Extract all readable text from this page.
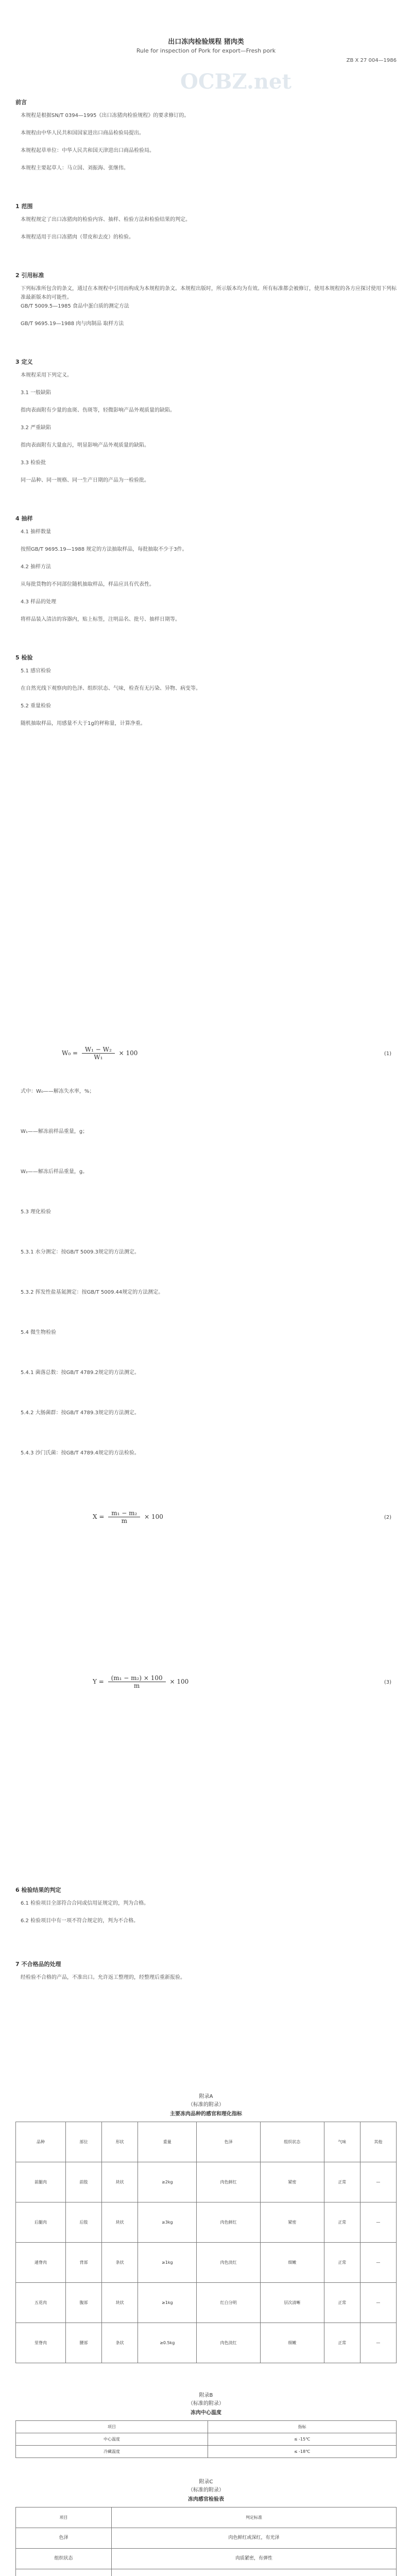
出口冻肉检验规程 猪肉类
Rule for inspection of Pork for export—Fresh pork
ZB X 27 004—1986
OCBZ.net
前言
本规程是根据SN/T 0394—1995《出口冻猪肉检验规程》的要求修订的。
本规程由中华人民共和国国家进出口商品检验局提出。
本规程起草单位：中华人民共和国天津进出口商品检验局。
本规程主要起草人：马立国、刘振海、张继伟。
1 范围
本规程规定了出口冻猪肉的检验内容、抽样、检验方法和检验结果的判定。
本规程适用于出口冻猪肉（带皮和去皮）的检验。
2 引用标准
下列标准所包含的条文，通过在本规程中引用而构成为本规程的条文。本规程出版时，所示版本均为有效。所有标准都会被修订，使用本规程的各方应探讨使用下列标准最新版本的可能性。
GB/T 5009.5—1985 食品中蛋白质的测定方法
GB/T 9695.19—1988 肉与肉制品 取样方法
3 定义
本规程采用下列定义。
3.1 一般缺陷
指肉表面附有少量的血斑、伤斑等，轻微影响产品外观质量的缺陷。
3.2 严重缺陷
指肉表面附有大量血污，明显影响产品外观质量的缺陷。
3.3 检验批
同一品种、同一规格、同一生产日期的产品为一检验批。
4 抽样
4.1 抽样数量
按照GB/T 9695.19—1988 规定的方法抽取样品，每批抽取不少于3件。
4.2 抽样方法
从每批货物的不同部位随机抽取样品，样品应具有代表性。
4.3 样品的处理
将样品装入清洁的容器内，贴上标签，注明品名、批号、抽样日期等。
5 检验
5.1 感官检验
在自然光线下观察肉的色泽、组织状态、气味，检查有无污染、异物、病变等。
5.2 重量检验
随机抽取样品，用感量不大于1g的秤称量，计算净重。
$W_0 = \frac{\text{W₁ − W₂}}{\text{W₁}} \times 100$	(1)
式中：W₀——解冻失水率，%；
W₁——解冻前样品重量，g；
W₂——解冻后样品重量，g。
5.3 理化检验
5.3.1 水分测定：按GB/T 5009.3规定的方法测定。
5.3.2 挥发性盐基氮测定：按GB/T 5009.44规定的方法测定。
5.4 微生物检验
5.4.1 菌落总数：按GB/T 4789.2规定的方法测定。
5.4.2 大肠菌群：按GB/T 4789.3规定的方法测定。
5.4.3 沙门氏菌：按GB/T 4789.4规定的方法检验。
$X = \frac{\text{m₁ − m₂}}{m} \times 100$	(2)
$Y = \frac{\text{(m₁ − m₂) × 100}}{m} \times 100$	(3)
6 检验结果的判定
6.1 检验项目全部符合合同或信用证规定的，判为合格。
6.2 检验项目中有一项不符合规定的，判为不合格。
7 不合格品的处理
经检验不合格的产品，不准出口。允许返工整理的，经整理后重新报验。
附录A
（标准的附录）
主要冻肉品种的感官和理化指标
品种	部位	形状	重量	色泽	组织状态	气味	其他
前腿肉	前肢	块状	≥2kg	肉色鲜红	紧密	正常	—
后腿肉	后肢	块状	≥3kg	肉色鲜红	紧密	正常	—
通脊肉	背部	条状	≥1kg	肉色淡红	细嫩	正常	—
五花肉	腹部	块状	≥1kg	红白分明	层次清晰	正常	—
里脊肉	腰部	条状	≥0.5kg	肉色淡红	细嫩	正常	—
附录B
（标准的附录）
冻肉中心温度
项目	指标
中心温度	≤ -15℃
冷藏温度	≤ -18℃
附录C
（标准的附录）
冻肉感官检验表
项目	判定标准
色泽	肉色鲜红或深红，有光泽
组织状态	肉质紧密，有弹性
